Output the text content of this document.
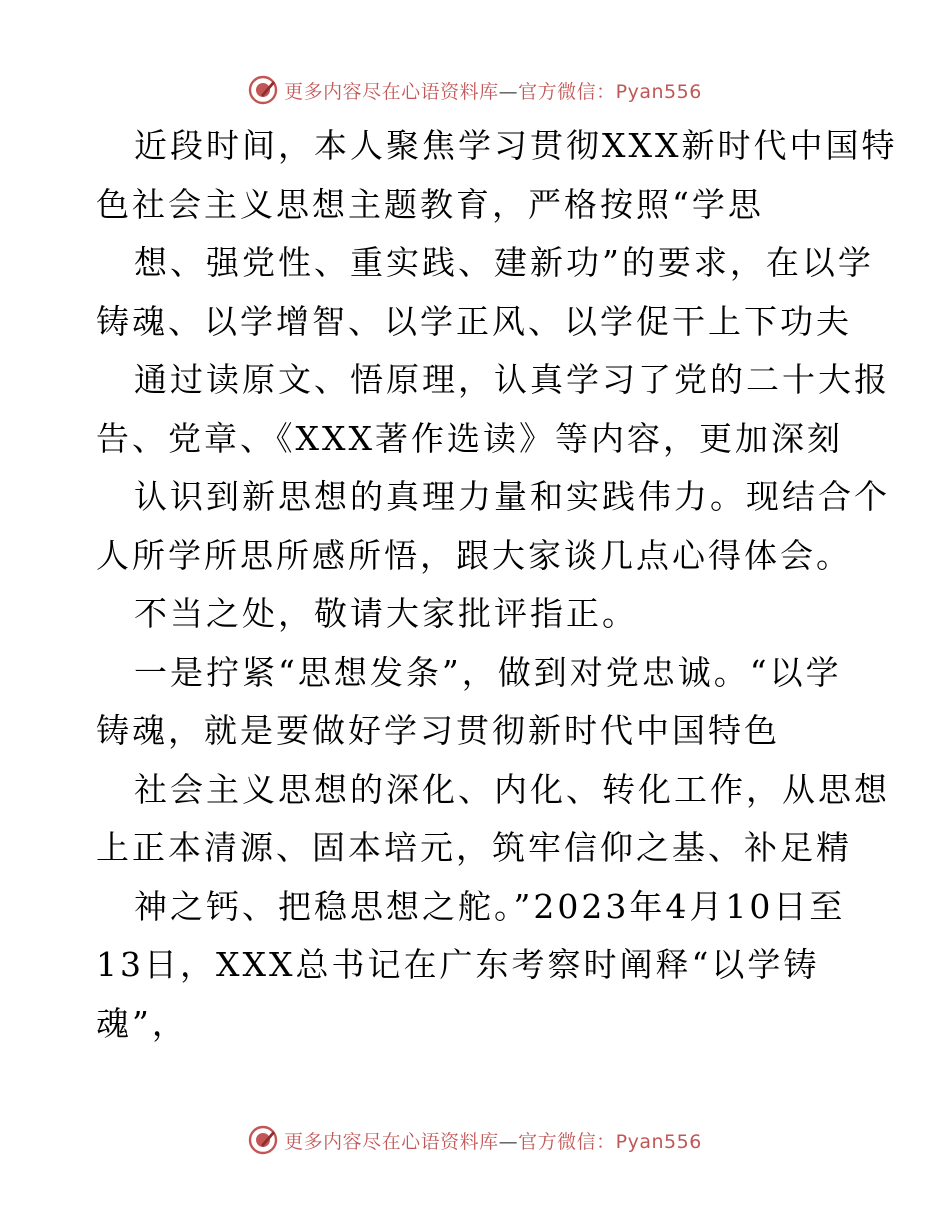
更多内容尽在心语资料库—官方微信：Pyan556
近段时间，本人聚焦学习贯彻XXX新时代中国特
色社会主义思想主题教育，严格按照“学思
想、强党性、重实践、建新功”的要求，在以学
铸魂、以学增智、以学正风、以学促干上下功夫
通过读原文、悟原理，认真学习了党的二十大报
告、党章、《XXX著作选读》等内容，更加深刻
认识到新思想的真理力量和实践伟力。现结合个
人所学所思所感所悟，跟大家谈几点心得体会。
不当之处，敬请大家批评指正。
一是拧紧“思想发条”，做到对党忠诚。“以学
铸魂，就是要做好学习贯彻新时代中国特色
社会主义思想的深化、内化、转化工作，从思想
上正本清源、固本培元，筑牢信仰之基、补足精
神之钙、把稳思想之舵。”2023年4月10日至
13日，XXX总书记在广东考察时阐释“以学铸
魂”，
更多内容尽在心语资料库—官方微信：Pyan556
